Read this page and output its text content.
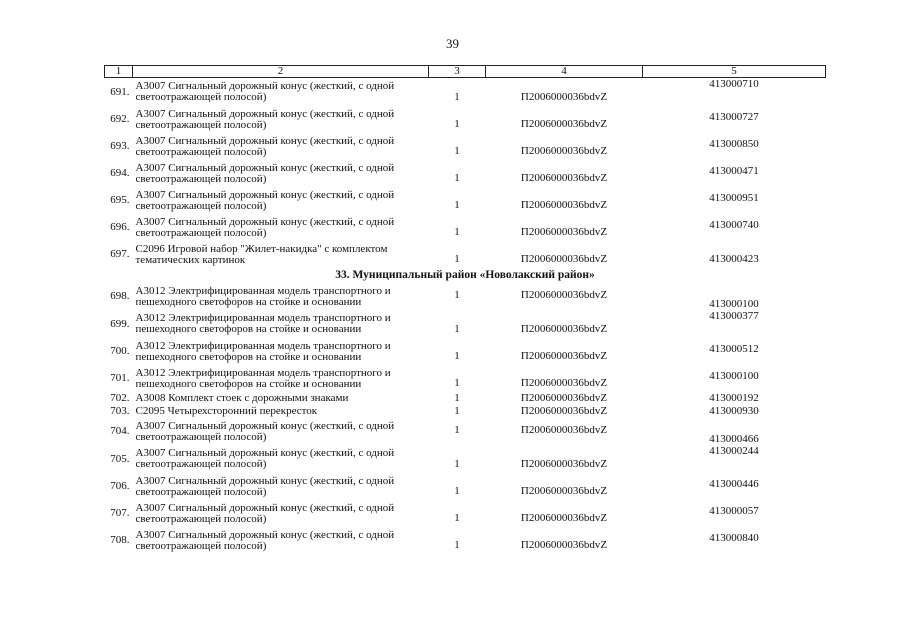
39
1	2	3	4	5
691.	А3007 Сигнальный дорожный конус (жесткий, с одной светоотражающей полосой)	1	П2006000036bdvZ	413000710
692.	А3007 Сигнальный дорожный конус (жесткий, с одной светоотражающей полосой)	1	П2006000036bdvZ	413000727
693.	А3007 Сигнальный дорожный конус (жесткий, с одной светоотражающей полосой)	1	П2006000036bdvZ	413000850
694.	А3007 Сигнальный дорожный конус (жесткий, с одной светоотражающей полосой)	1	П2006000036bdvZ	413000471
695.	А3007 Сигнальный дорожный конус (жесткий, с одной светоотражающей полосой)	1	П2006000036bdvZ	413000951
696.	А3007 Сигнальный дорожный конус (жесткий, с одной светоотражающей полосой)	1	П2006000036bdvZ	413000740
697.	С2096 Игровой набор "Жилет-накидка" с комплектом тематических картинок	1	П2006000036bdvZ	413000423
33. Муниципальный район «Новолакский район»				
698.	А3012 Электрифицированная модель транспортного и пешеходного светофоров на стойке и основании	1	П2006000036bdvZ	413000100
699.	А3012 Электрифицированная модель транспортного и пешеходного светофоров на стойке и основании	1	П2006000036bdvZ	413000377
700.	А3012 Электрифицированная модель транспортного и пешеходного светофоров на стойке и основании	1	П2006000036bdvZ	413000512
701.	А3012 Электрифицированная модель транспортного и пешеходного светофоров на стойке и основании	1	П2006000036bdvZ	413000100
702.	А3008 Комплект стоек с дорожными знаками	1	П2006000036bdvZ	413000192
703.	С2095 Четырехсторонний перекресток	1	П2006000036bdvZ	413000930
704.	А3007 Сигнальный дорожный конус (жесткий, с одной светоотражающей полосой)	1	П2006000036bdvZ	413000466
705.	А3007 Сигнальный дорожный конус (жесткий, с одной светоотражающей полосой)	1	П2006000036bdvZ	413000244
706.	А3007 Сигнальный дорожный конус (жесткий, с одной светоотражающей полосой)	1	П2006000036bdvZ	413000446
707.	А3007 Сигнальный дорожный конус (жесткий, с одной светоотражающей полосой)	1	П2006000036bdvZ	413000057
708.	А3007 Сигнальный дорожный конус (жесткий, с одной светоотражающей полосой)	1	П2006000036bdvZ	413000840
